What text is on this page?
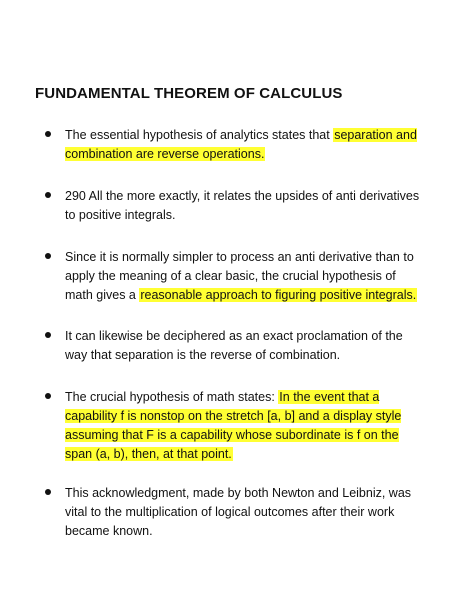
FUNDAMENTAL THEOREM OF CALCULUS
The essential hypothesis of analytics states that separation and combination are reverse operations.
290 All the more exactly, it relates the upsides of anti derivatives to positive integrals.
Since it is normally simpler to process an anti derivative than to apply the meaning of a clear basic, the crucial hypothesis of math gives a reasonable approach to figuring positive integrals.
It can likewise be deciphered as an exact proclamation of the way that separation is the reverse of combination.
The crucial hypothesis of math states: In the event that a capability f is nonstop on the stretch [a, b] and a display style assuming that F is a capability whose subordinate is f on the span (a, b), then, at that point.
This acknowledgment, made by both Newton and Leibniz, was vital to the multiplication of logical outcomes after their work became known.
